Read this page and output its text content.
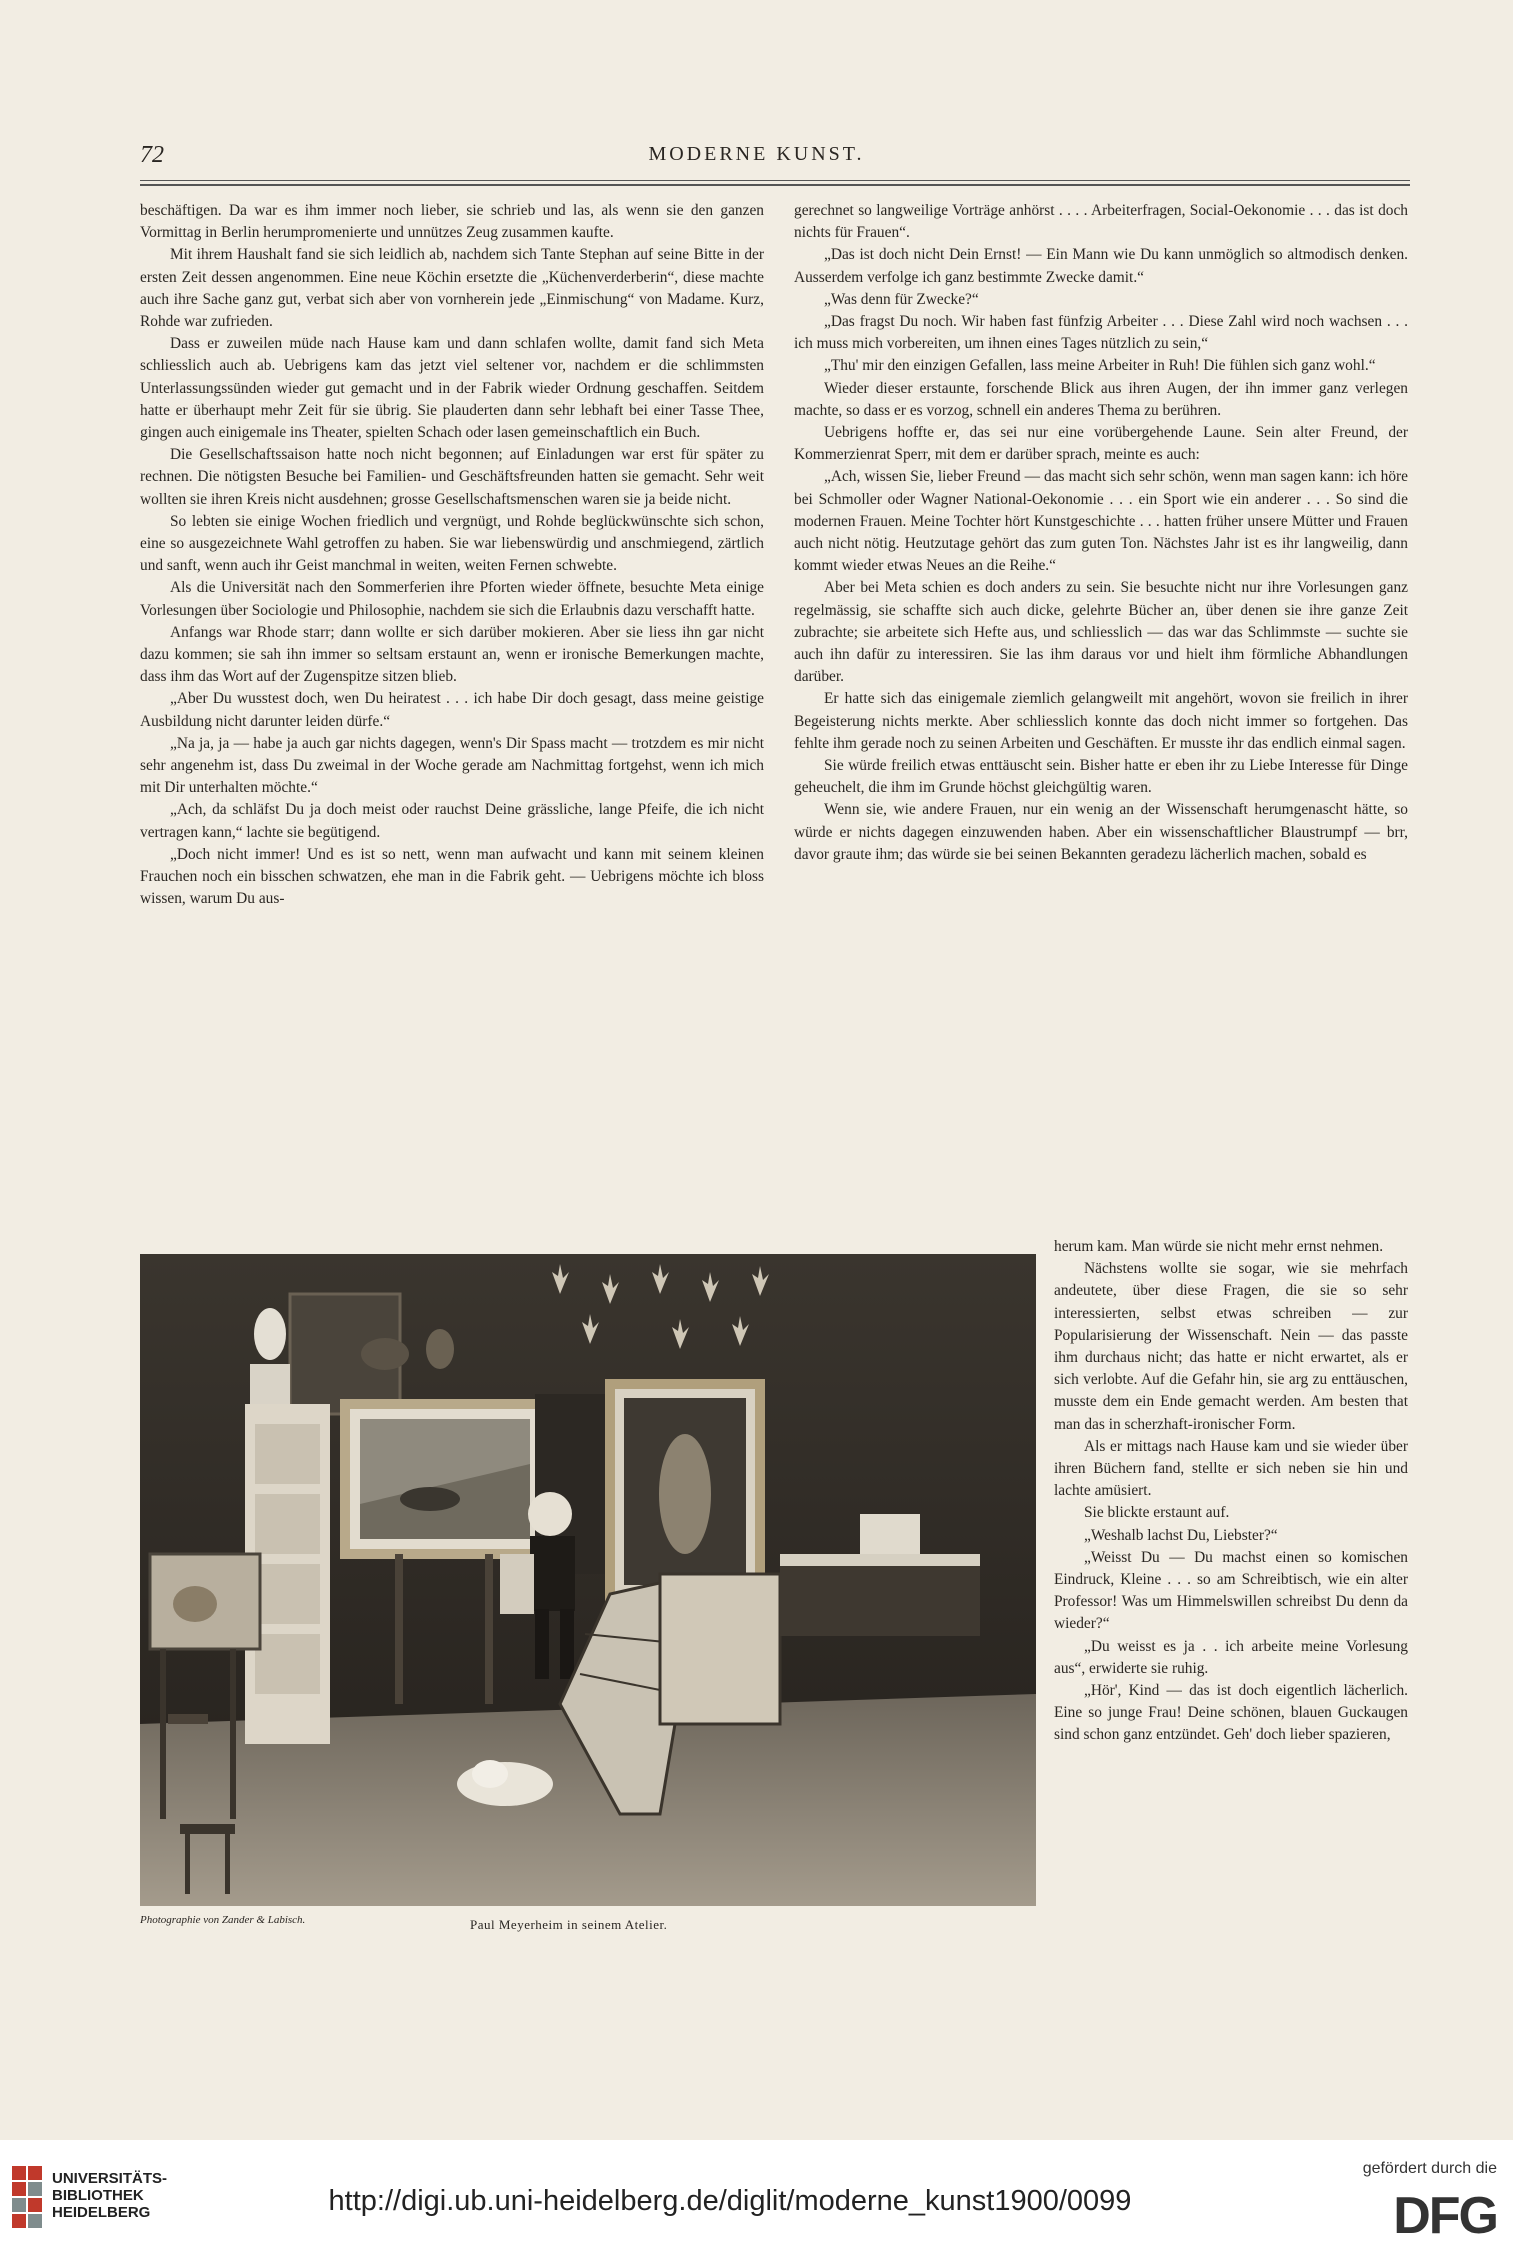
72	MODERNE KUNST.

beschäftigen. Da war es ihm immer noch lieber, sie schrieb und las, als wenn sie den ganzen Vormittag in Berlin herumpromenierte und unnützes Zeug zusammen kaufte.

Mit ihrem Haushalt fand sie sich leidlich ab, nachdem sich Tante Stephan auf seine Bitte in der ersten Zeit dessen angenommen. Eine neue Köchin ersetzte die „Küchenverderberin“, diese machte auch ihre Sache ganz gut, verbat sich aber von vornherein jede „Einmischung“ von Madame. Kurz, Rohde war zufrieden.

Dass er zuweilen müde nach Hause kam und dann schlafen wollte, damit fand sich Meta schliesslich auch ab. Uebrigens kam das jetzt viel seltener vor, nachdem er die schlimmsten Unterlassungssünden wieder gut gemacht und in der Fabrik wieder Ordnung geschaffen. Seitdem hatte er überhaupt mehr Zeit für sie übrig. Sie plauderten dann sehr lebhaft bei einer Tasse Thee, gingen auch einigemale ins Theater, spielten Schach oder lasen gemeinschaftlich ein Buch.

Die Gesellschaftssaison hatte noch nicht begonnen; auf Einladungen war erst für später zu rechnen. Die nötigsten Besuche bei Familien- und Geschäftsfreunden hatten sie gemacht. Sehr weit wollten sie ihren Kreis nicht ausdehnen; grosse Gesellschaftsmenschen waren sie ja beide nicht.

So lebten sie einige Wochen friedlich und vergnügt, und Rohde beglückwünschte sich schon, eine so ausgezeichnete Wahl getroffen zu haben. Sie war liebenswürdig und anschmiegend, zärtlich und sanft, wenn auch ihr Geist manchmal in weiten, weiten Fernen schwebte.

Als die Universität nach den Sommerferien ihre Pforten wieder öffnete, besuchte Meta einige Vorlesungen über Sociologie und Philosophie, nachdem sie sich die Erlaubnis dazu verschafft hatte.

Anfangs war Rhode starr; dann wollte er sich darüber mokieren. Aber sie liess ihn gar nicht dazu kommen; sie sah ihn immer so seltsam erstaunt an, wenn er ironische Bemerkungen machte, dass ihm das Wort auf der Zugenspitze sitzen blieb.

„Aber Du wusstest doch, wen Du heiratest . . . ich habe Dir doch gesagt, dass meine geistige Ausbildung nicht darunter leiden dürfe.“

„Na ja, ja — habe ja auch gar nichts dagegen, wenn's Dir Spass macht — trotzdem es mir nicht sehr angenehm ist, dass Du zweimal in der Woche gerade am Nachmittag fortgehst, wenn ich mich mit Dir unterhalten möchte.“

„Ach, da schläfst Du ja doch meist oder rauchst Deine grässliche, lange Pfeife, die ich nicht vertragen kann,“ lachte sie begütigend.

„Doch nicht immer! Und es ist so nett, wenn man aufwacht und kann mit seinem kleinen Frauchen noch ein bisschen schwatzen, ehe man in die Fabrik geht. — Uebrigens möchte ich bloss wissen, warum Du aus-

gerechnet so langweilige Vorträge anhörst . . . . Arbeiterfragen, Social-Oekonomie . . . das ist doch nichts für Frauen“.

„Das ist doch nicht Dein Ernst! — Ein Mann wie Du kann unmöglich so altmodisch denken. Ausserdem verfolge ich ganz bestimmte Zwecke damit.“

„Was denn für Zwecke?“

„Das fragst Du noch. Wir haben fast fünfzig Arbeiter . . . Diese Zahl wird noch wachsen . . . ich muss mich vorbereiten, um ihnen eines Tages nützlich zu sein,“

„Thu' mir den einzigen Gefallen, lass meine Arbeiter in Ruh! Die fühlen sich ganz wohl.“

Wieder dieser erstaunte, forschende Blick aus ihren Augen, der ihn immer ganz verlegen machte, so dass er es vorzog, schnell ein anderes Thema zu berühren.

Uebrigens hoffte er, das sei nur eine vorübergehende Laune. Sein alter Freund, der Kommerzienrat Sperr, mit dem er darüber sprach, meinte es auch:

„Ach, wissen Sie, lieber Freund — das macht sich sehr schön, wenn man sagen kann: ich höre bei Schmoller oder Wagner National-Oekonomie . . . ein Sport wie ein anderer . . . So sind die modernen Frauen. Meine Tochter hört Kunstgeschichte . . . hatten früher unsere Mütter und Frauen auch nicht nötig. Heutzutage gehört das zum guten Ton. Nächstes Jahr ist es ihr langweilig, dann kommt wieder etwas Neues an die Reihe.“

Aber bei Meta schien es doch anders zu sein. Sie besuchte nicht nur ihre Vorlesungen ganz regelmässig, sie schaffte sich auch dicke, gelehrte Bücher an, über denen sie ihre ganze Zeit zubrachte; sie arbeitete sich Hefte aus, und schliesslich — das war das Schlimmste — suchte sie auch ihn dafür zu interessiren. Sie las ihm daraus vor und hielt ihm förmliche Abhandlungen darüber.

Er hatte sich das einigemale ziemlich gelangweilt mit angehört, wovon sie freilich in ihrer Begeisterung nichts merkte. Aber schliesslich konnte das doch nicht immer so fortgehen. Das fehlte ihm gerade noch zu seinen Arbeiten und Geschäften. Er musste ihr das endlich einmal sagen.

Sie würde freilich etwas enttäuscht sein. Bisher hatte er eben ihr zu Liebe Interesse für Dinge geheuchelt, die ihm im Grunde höchst gleichgültig waren.

Wenn sie, wie andere Frauen, nur ein wenig an der Wissenschaft herumgenascht hätte, so würde er nichts dagegen einzuwenden haben. Aber ein wissenschaftlicher Blaustrumpf — brr, davor graute ihm; das würde sie bei seinen Bekannten geradezu lächerlich machen, sobald es

herum kam. Man würde sie nicht mehr ernst nehmen.

Nächstens wollte sie sogar, wie sie mehrfach andeutete, über diese Fragen, die sie so sehr interessierten, selbst etwas schreiben — zur Popularisierung der Wissenschaft. Nein — das passte ihm durchaus nicht; das hatte er nicht erwartet, als er sich verlobte. Auf die Gefahr hin, sie arg zu enttäuschen, musste dem ein Ende gemacht werden. Am besten that man das in scherzhaft-ironischer Form.

Als er mittags nach Hause kam und sie wieder über ihren Büchern fand, stellte er sich neben sie hin und lachte amüsiert.

Sie blickte erstaunt auf.

„Weshalb lachst Du, Liebster?“

„Weisst Du — Du machst einen so komischen Eindruck, Kleine . . . so am Schreibtisch, wie ein alter Professor! Was um Himmelswillen schreibst Du denn da wieder?“

„Du weisst es ja . . ich arbeite meine Vorlesung aus“, erwiderte sie ruhig.

„Hör', Kind — das ist doch eigentlich lächerlich. Eine so junge Frau! Deine schönen, blauen Guckaugen sind schon ganz entzündet. Geh' doch lieber spazieren,

Photographie von Zander & Labisch.	Paul Meyerheim in seinem Atelier.
UNIVERSITÄTS-
BIBLIOTHEK
HEIDELBERG	http://digi.ub.uni-heidelberg.de/diglit/moderne_kunst1900/0099
gefördert durch die
DFG
